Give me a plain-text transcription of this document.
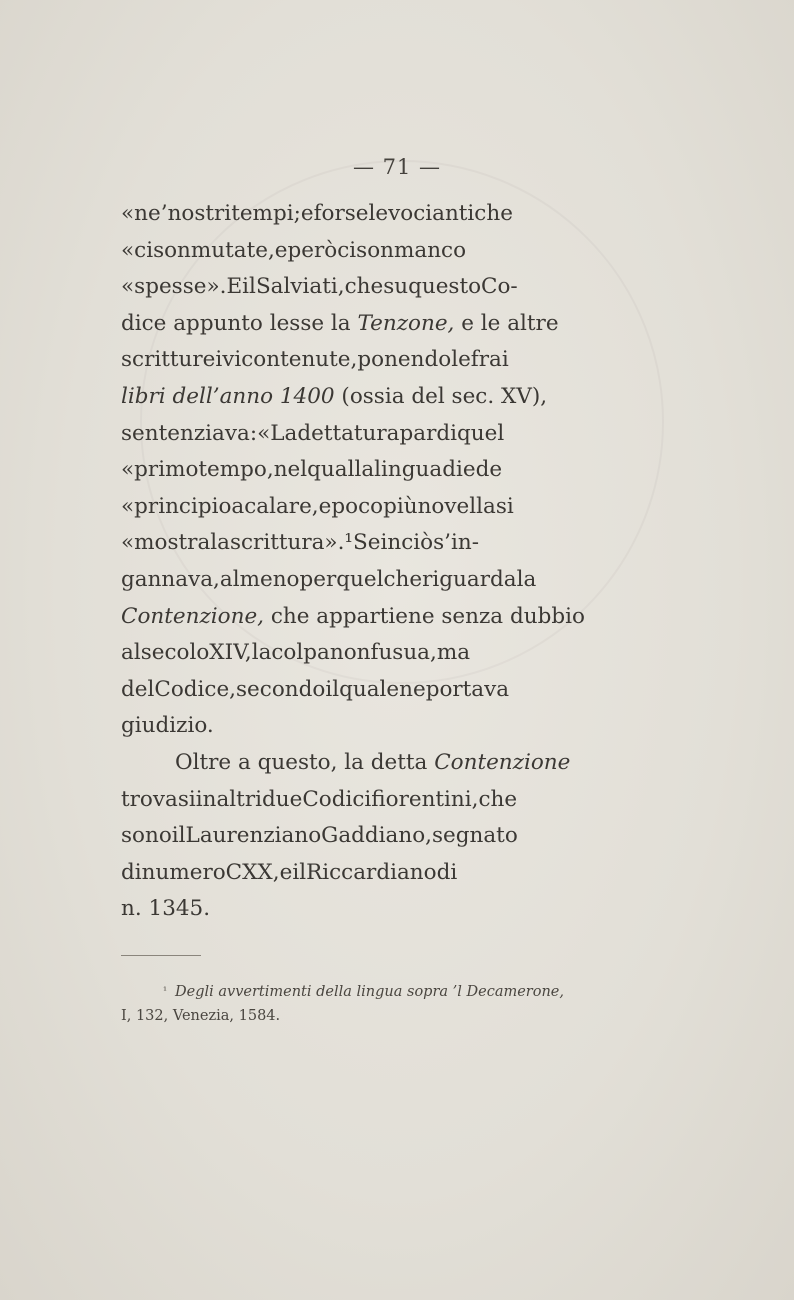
— 71 —
«ne’nostritempi;eforselevociantiche
«cisonmutate,eperòcisonmanco
«spesse».EilSalviati,chesuquestoCo-
dice appunto lesse la Tenzone, e le altre
scrittureivicontenute,ponendolefrai
libri dell’anno 1400 (ossia del sec. XV),
sentenziava:«Ladettaturapardiquel
«primotempo,nelquallalinguadiede
«principioacalare,epocopiùnovellasi
«mostralascrittura».¹Seinciòs’in-
gannava,almenoperquelcheriguardala
Contenzione, che appartiene senza dubbio
alsecoloXIV,lacolpanonfusua,ma
delCodice,secondoilqualeneportava
giudizio.
Oltre a questo, la detta Contenzione
trovasiinaltridueCodicifiorentini,che
sonoilLaurenzianoGaddiano,segnato
dinumeroCXX,eilRiccardianodi
n. 1345.
$^{^1}$ Degli avvertimenti della lingua sopra ’l Decamerone,
I, 132, Venezia, 1584.
